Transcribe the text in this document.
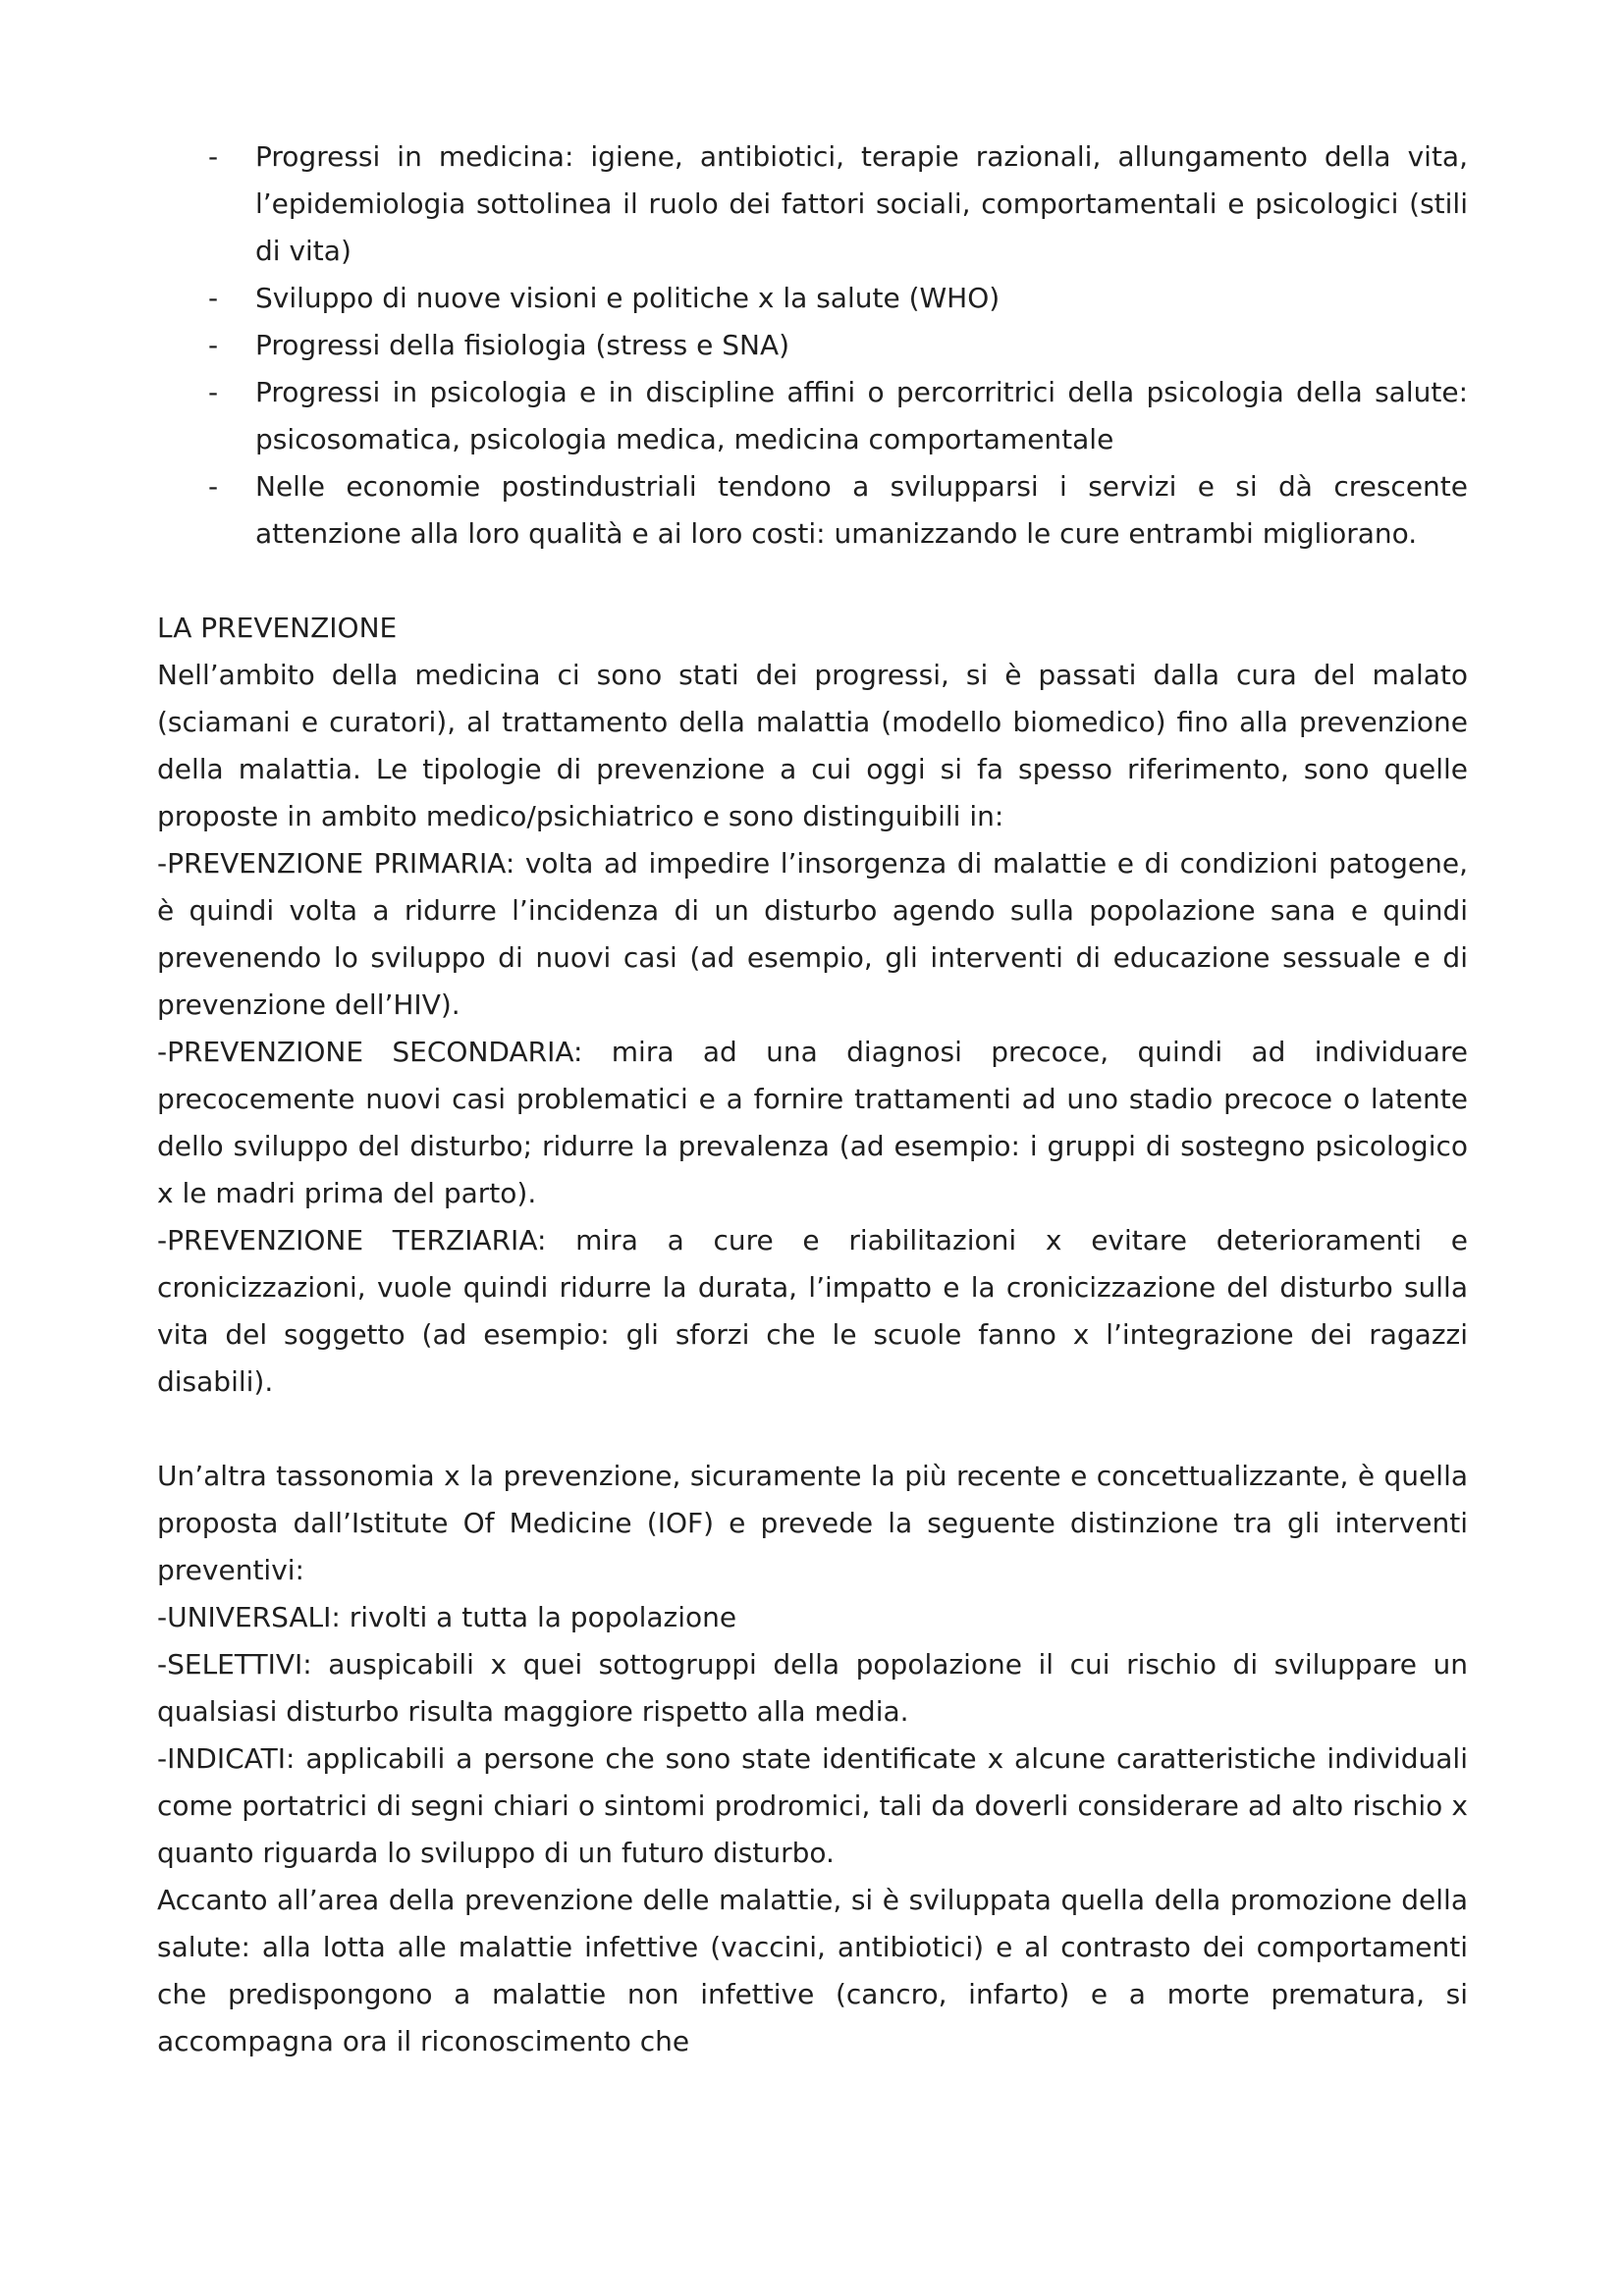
-	Progressi in medicina: igiene, antibiotici, terapie razionali, allungamento della vita, l’epidemiologia sottolinea il ruolo dei fattori sociali, comportamentali e psicologici (stili di vita)

-	Sviluppo di nuove visioni e politiche x la salute (WHO)

-	Progressi della fisiologia (stress e SNA)

-	Progressi in psicologia e in discipline affini o percorritrici della psicologia della salute: psicosomatica, psicologia medica, medicina comportamentale

-	Nelle economie postindustriali tendono a svilupparsi i servizi e si dà crescente attenzione alla loro qualità e ai loro costi: umanizzando le cure entrambi migliorano.

LA PREVENZIONE

Nell’ambito della medicina ci sono stati dei progressi, si è passati dalla cura del malato (sciamani e curatori), al trattamento della malattia (modello biomedico) fino alla prevenzione della malattia. Le tipologie di prevenzione a cui oggi si fa spesso riferimento, sono quelle proposte in ambito medico/psichiatrico e sono distinguibili in:

-PREVENZIONE PRIMARIA: volta ad impedire l’insorgenza di malattie e di condizioni patogene, è quindi volta a ridurre l’incidenza di un disturbo agendo sulla popolazione sana e quindi prevenendo lo sviluppo di nuovi casi (ad esempio, gli interventi di educazione sessuale e di prevenzione dell’HIV).

-PREVENZIONE SECONDARIA: mira ad una diagnosi precoce, quindi ad individuare precocemente nuovi casi problematici e a fornire trattamenti ad uno stadio precoce o latente dello sviluppo del disturbo; ridurre la prevalenza (ad esempio: i gruppi di sostegno psicologico x le madri prima del parto).

-PREVENZIONE TERZIARIA: mira a cure e riabilitazioni x evitare deterioramenti e cronicizzazioni, vuole quindi ridurre la durata, l’impatto e la cronicizzazione del disturbo sulla vita del soggetto (ad esempio: gli sforzi che le scuole fanno x l’integrazione dei ragazzi disabili).

Un’altra tassonomia x la prevenzione, sicuramente la più recente e concettualizzante, è quella proposta dall’Istitute Of Medicine (IOF) e prevede la seguente distinzione tra gli interventi preventivi:

-UNIVERSALI: rivolti a tutta la popolazione

-SELETTIVI: auspicabili x quei sottogruppi della popolazione il cui rischio di sviluppare un qualsiasi disturbo risulta maggiore rispetto alla media.

-INDICATI: applicabili a persone che sono state identificate x alcune caratteristiche individuali come portatrici di segni chiari o sintomi prodromici, tali da doverli considerare ad alto rischio x quanto riguarda lo sviluppo di un futuro disturbo.

Accanto all’area della prevenzione delle malattie, si è sviluppata quella della promozione della salute: alla lotta alle malattie infettive (vaccini, antibiotici) e al contrasto dei comportamenti che predispongono a malattie non infettive (cancro, infarto) e a morte prematura, si accompagna ora il riconoscimento che
